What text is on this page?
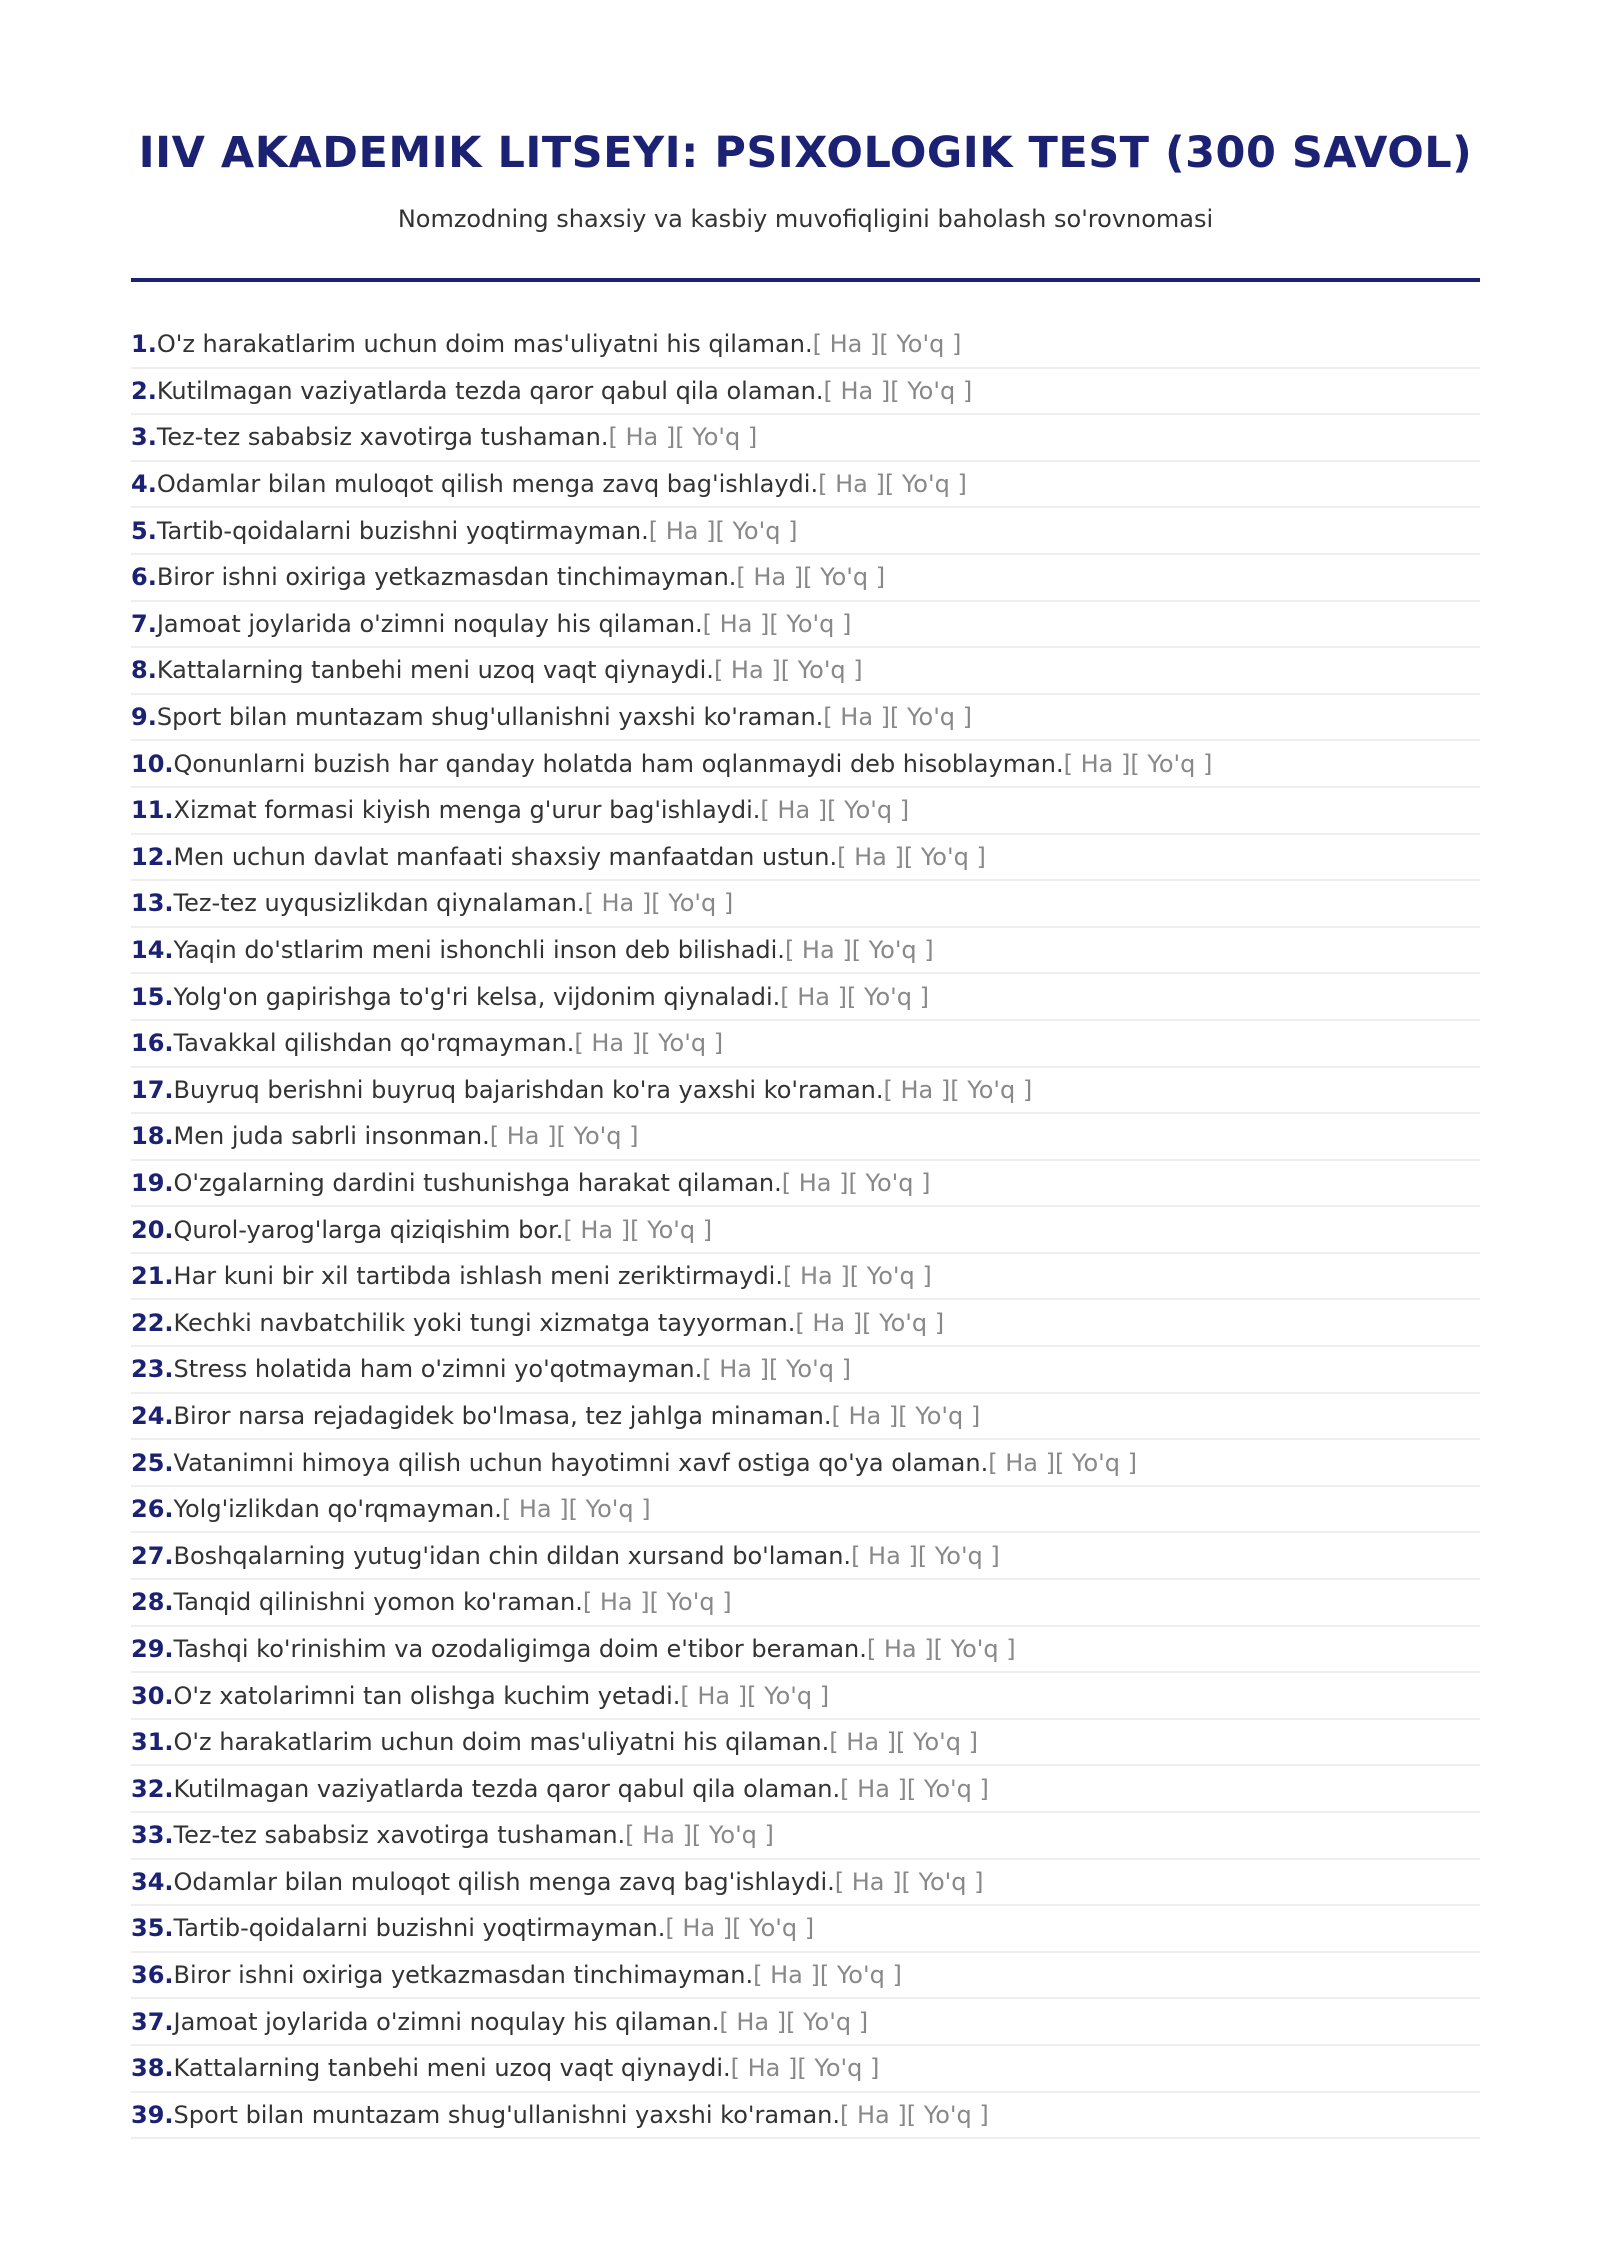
IIV AKADEMIK LITSEYI: PSIXOLOGIK TEST (300 SAVOL)

Nomzodning shaxsiy va kasbiy muvofiqligini baholash so'rovnomasi

1. O'z harakatlarim uchun doim mas'uliyatni his qilaman. [ Ha ] [ Yo'q ]
2. Kutilmagan vaziyatlarda tezda qaror qabul qila olaman. [ Ha ] [ Yo'q ]
3. Tez-tez sababsiz xavotirga tushaman. [ Ha ] [ Yo'q ]
4. Odamlar bilan muloqot qilish menga zavq bag'ishlaydi. [ Ha ] [ Yo'q ]
5. Tartib-qoidalarni buzishni yoqtirmayman. [ Ha ] [ Yo'q ]
6. Biror ishni oxiriga yetkazmasdan tinchimayman. [ Ha ] [ Yo'q ]
7. Jamoat joylarida o'zimni noqulay his qilaman. [ Ha ] [ Yo'q ]
8. Kattalarning tanbehi meni uzoq vaqt qiynaydi. [ Ha ] [ Yo'q ]
9. Sport bilan muntazam shug'ullanishni yaxshi ko'raman. [ Ha ] [ Yo'q ]
10. Qonunlarni buzish har qanday holatda ham oqlanmaydi deb hisoblayman. [ Ha ] [ Yo'q ]
11. Xizmat formasi kiyish menga g'urur bag'ishlaydi. [ Ha ] [ Yo'q ]
12. Men uchun davlat manfaati shaxsiy manfaatdan ustun. [ Ha ] [ Yo'q ]
13. Tez-tez uyqusizlikdan qiynalaman. [ Ha ] [ Yo'q ]
14. Yaqin do'stlarim meni ishonchli inson deb bilishadi. [ Ha ] [ Yo'q ]
15. Yolg'on gapirishga to'g'ri kelsa, vijdonim qiynaladi. [ Ha ] [ Yo'q ]
16. Tavakkal qilishdan qo'rqmayman. [ Ha ] [ Yo'q ]
17. Buyruq berishni buyruq bajarishdan ko'ra yaxshi ko'raman. [ Ha ] [ Yo'q ]
18. Men juda sabrli insonman. [ Ha ] [ Yo'q ]
19. O'zgalarning dardini tushunishga harakat qilaman. [ Ha ] [ Yo'q ]
20. Qurol-yarog'larga qiziqishim bor. [ Ha ] [ Yo'q ]
21. Har kuni bir xil tartibda ishlash meni zeriktirmaydi. [ Ha ] [ Yo'q ]
22. Kechki navbatchilik yoki tungi xizmatga tayyorman. [ Ha ] [ Yo'q ]
23. Stress holatida ham o'zimni yo'qotmayman. [ Ha ] [ Yo'q ]
24. Biror narsa rejadagidek bo'lmasa, tez jahlga minaman. [ Ha ] [ Yo'q ]
25. Vatanimni himoya qilish uchun hayotimni xavf ostiga qo'ya olaman. [ Ha ] [ Yo'q ]
26. Yolg'izlikdan qo'rqmayman. [ Ha ] [ Yo'q ]
27. Boshqalarning yutug'idan chin dildan xursand bo'laman. [ Ha ] [ Yo'q ]
28. Tanqid qilinishni yomon ko'raman. [ Ha ] [ Yo'q ]
29. Tashqi ko'rinishim va ozodaligimga doim e'tibor beraman. [ Ha ] [ Yo'q ]
30. O'z xatolarimni tan olishga kuchim yetadi. [ Ha ] [ Yo'q ]
31. O'z harakatlarim uchun doim mas'uliyatni his qilaman. [ Ha ] [ Yo'q ]
32. Kutilmagan vaziyatlarda tezda qaror qabul qila olaman. [ Ha ] [ Yo'q ]
33. Tez-tez sababsiz xavotirga tushaman. [ Ha ] [ Yo'q ]
34. Odamlar bilan muloqot qilish menga zavq bag'ishlaydi. [ Ha ] [ Yo'q ]
35. Tartib-qoidalarni buzishni yoqtirmayman. [ Ha ] [ Yo'q ]
36. Biror ishni oxiriga yetkazmasdan tinchimayman. [ Ha ] [ Yo'q ]
37. Jamoat joylarida o'zimni noqulay his qilaman. [ Ha ] [ Yo'q ]
38. Kattalarning tanbehi meni uzoq vaqt qiynaydi. [ Ha ] [ Yo'q ]
39. Sport bilan muntazam shug'ullanishni yaxshi ko'raman. [ Ha ] [ Yo'q ]
